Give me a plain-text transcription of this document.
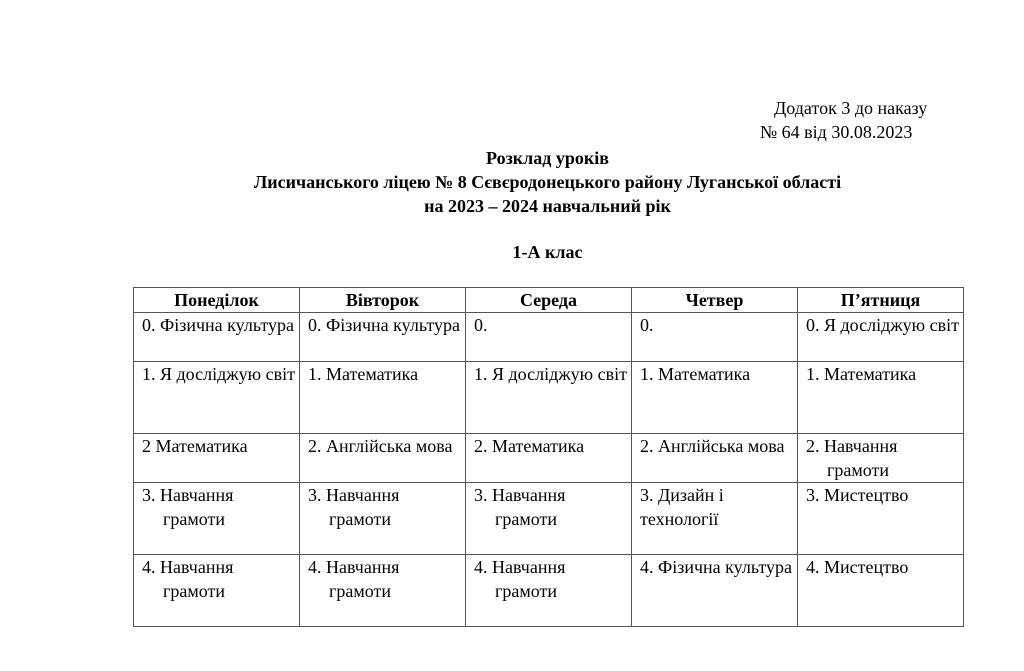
Додаток 3 до наказу
№ 64 від 30.08.2023
Розклад уроків
Лисичанського ліцею № 8 Сєвєродонецького району Луганської області
на 2023 – 2024 навчальний рік
1-А клас
Понеділок	Вівторок	Середа	Четвер	П’ятниця

0. Фізична культура	0. Фізична культура	0.	0.	0. Я досліджую світ

1. Я досліджую світ	1. Математика	1. Я досліджую світ	1. Математика	1. Математика

2 Математика	2. Англійська мова	2. Математика	2. Англійська мова	2. Навчання грамоти

3. Навчання грамоти	3. Навчання грамоти	3. Навчання грамоти	3. Дизайн і технології	3. Мистецтво

4. Навчання грамоти	4. Навчання грамоти	4. Навчання грамоти	4. Фізична культура	4. Мистецтво
